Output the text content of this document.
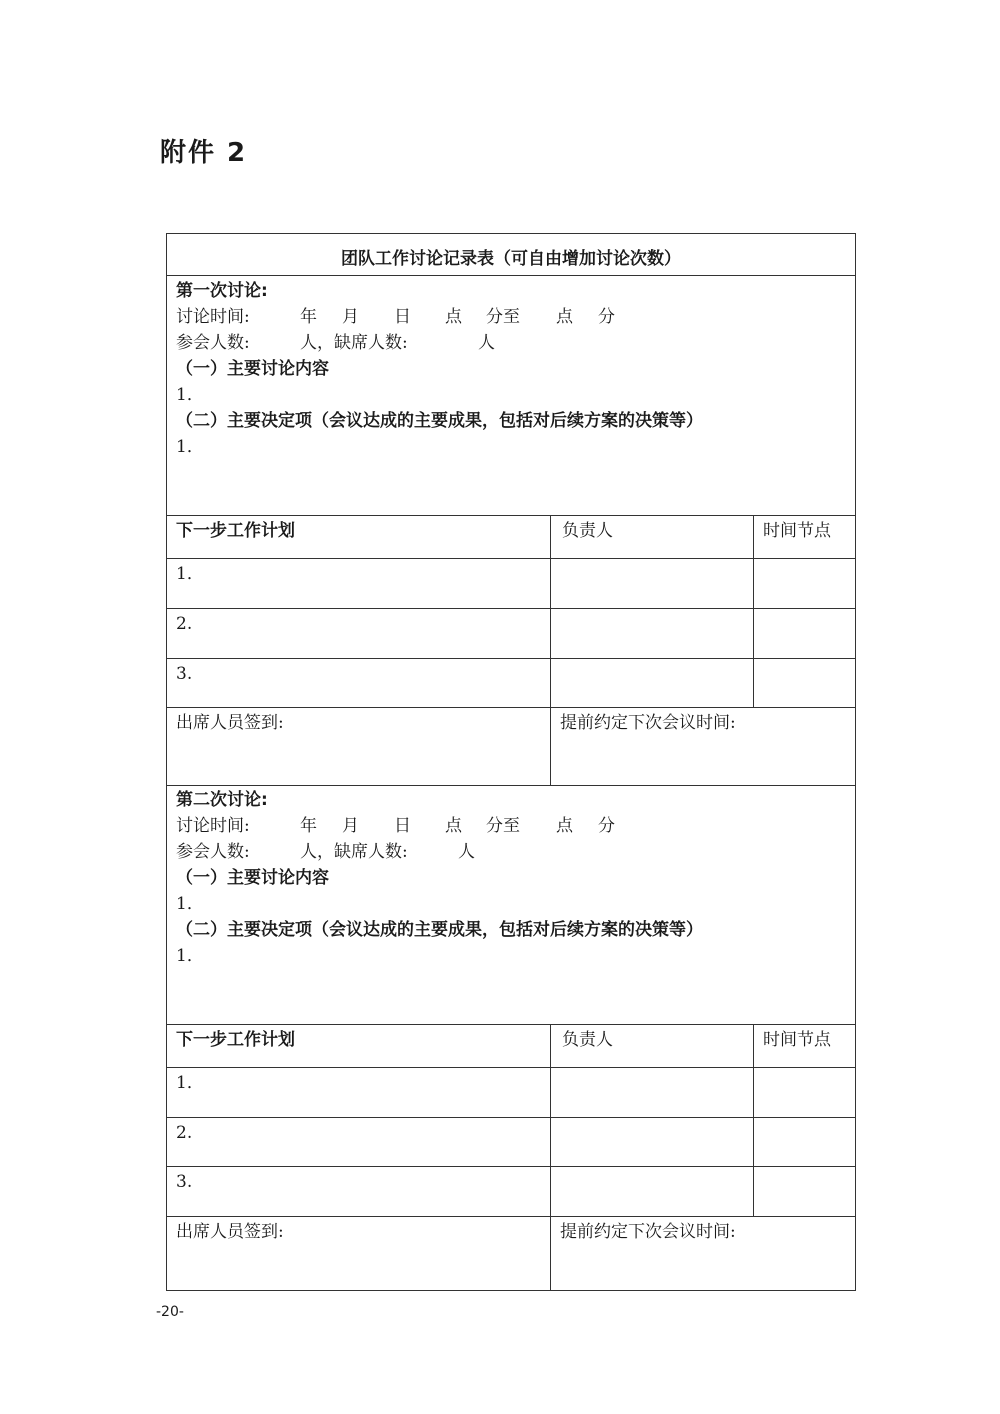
附件 2
团队工作讨论记录表（可自由增加讨论次数）
第一次讨论:
讨论时间:	年 月 日 点 分至 点 分
参会人数:	人，缺席人数:	人
（一）主要讨论内容
1．
（二）主要决定项（会议达成的主要成果，包括对后续方案的决策等）
1．
下一步工作计划	负责人	时间节点
1．
2.
3.
出席人员签到:	提前约定下次会议时间:
第二次讨论:
讨论时间:	年 月 日 点 分至 点 分
参会人数:	人，缺席人数:	人
（一）主要讨论内容
1．
（二）主要决定项（会议达成的主要成果，包括对后续方案的决策等）
1．
下一步工作计划	负责人	时间节点
1．
2.
3.
出席人员签到:	提前约定下次会议时间:
-20-
